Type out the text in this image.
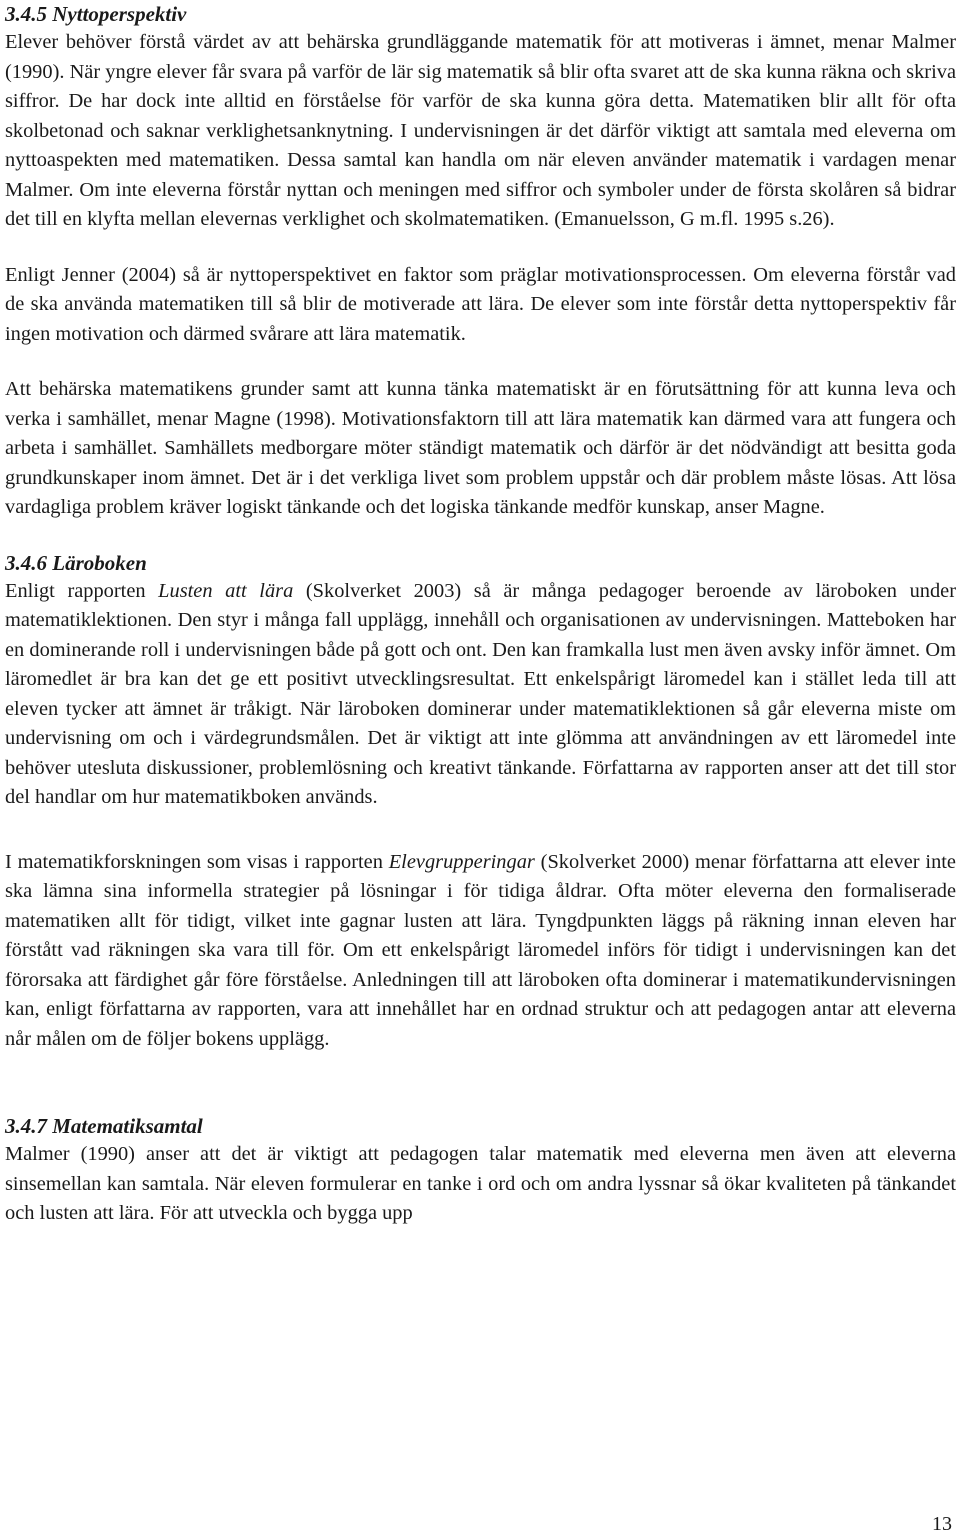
3.4.5 Nyttoperspektiv

Elever behöver förstå värdet av att behärska grundläggande matematik för att motiveras i ämnet, menar Malmer (1990). När yngre elever får svara på varför de lär sig matematik så blir ofta svaret att de ska kunna räkna och skriva siffror. De har dock inte alltid en förståelse för varför de ska kunna göra detta. Matematiken blir allt för ofta skolbetonad och saknar verklighetsanknytning. I undervisningen är det därför viktigt att samtala med eleverna om nyttoaspekten med matematiken. Dessa samtal kan handla om när eleven använder matematik i vardagen menar Malmer. Om inte eleverna förstår nyttan och meningen med siffror och symboler under de första skolåren så bidrar det till en klyfta mellan elevernas verklighet och skolmatematiken. (Emanuelsson, G m.fl. 1995 s.26).

Enligt Jenner (2004) så är nyttoperspektivet en faktor som präglar motivationsprocessen. Om eleverna förstår vad de ska använda matematiken till så blir de motiverade att lära. De elever som inte förstår detta nyttoperspektiv får ingen motivation och därmed svårare att lära matematik.

Att behärska matematikens grunder samt att kunna tänka matematiskt är en förutsättning för att kunna leva och verka i samhället, menar Magne (1998). Motivationsfaktorn till att lära matematik kan därmed vara att fungera och arbeta i samhället. Samhällets medborgare möter ständigt matematik och därför är det nödvändigt att besitta goda grundkunskaper inom ämnet. Det är i det verkliga livet som problem uppstår och där problem måste lösas. Att lösa vardagliga problem kräver logiskt tänkande och det logiska tänkande medför kunskap, anser Magne.

3.4.6 Läroboken

Enligt rapporten Lusten att lära (Skolverket 2003) så är många pedagoger beroende av läroboken under matematiklektionen. Den styr i många fall upplägg, innehåll och organisationen av undervisningen. Matteboken har en dominerande roll i undervisningen både på gott och ont. Den kan framkalla lust men även avsky inför ämnet. Om läromedlet är bra kan det ge ett positivt utvecklingsresultat. Ett enkelspårigt läromedel kan i stället leda till att eleven tycker att ämnet är tråkigt. När läroboken dominerar under matematiklektionen så går eleverna miste om undervisning om och i värdegrundsmålen. Det är viktigt att inte glömma att användningen av ett läromedel inte behöver utesluta diskussioner, problemlösning och kreativt tänkande. Författarna av rapporten anser att det till stor del handlar om hur matematikboken används.

I matematikforskningen som visas i rapporten Elevgrupperingar (Skolverket 2000) menar författarna att elever inte ska lämna sina informella strategier på lösningar i för tidiga åldrar. Ofta möter eleverna den formaliserade matematiken allt för tidigt, vilket inte gagnar lusten att lära. Tyngdpunkten läggs på räkning innan eleven har förstått vad räkningen ska vara till för. Om ett enkelspårigt läromedel införs för tidigt i undervisningen kan det förorsaka att färdighet går före förståelse. Anledningen till att läroboken ofta dominerar i matematikundervisningen kan, enligt författarna av rapporten, vara att innehållet har en ordnad struktur och att pedagogen antar att eleverna når målen om de följer bokens upplägg.

3.4.7 Matematiksamtal

Malmer (1990) anser att det är viktigt att pedagogen talar matematik med eleverna men även att eleverna sinsemellan kan samtala. När eleven formulerar en tanke i ord och om andra lyssnar så ökar kvaliteten på tänkandet och lusten att lära. För att utveckla och bygga upp

13
